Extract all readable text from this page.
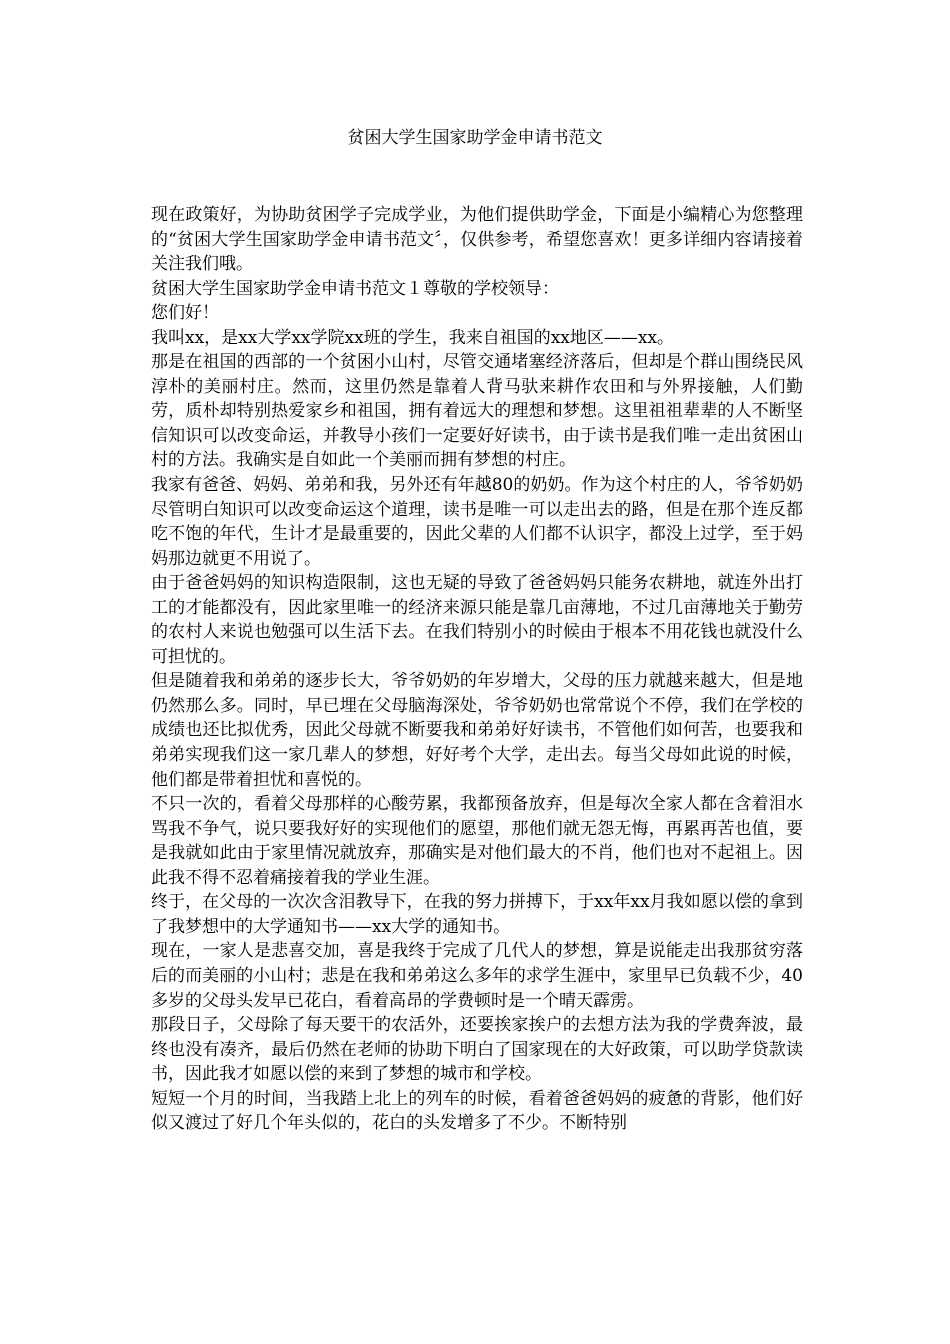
贫困大学生国家助学金申请书范文

现在政策好，为协助贫困学子完成学业，为他们提供助学金，下面是小编精心为您整理的“贫困大学生国家助学金申请书范文〞，仅供参考，希望您喜欢！更多详细内容请接着关注我们哦。

贫困大学生国家助学金申请书范文１尊敬的学校领导：

您们好！

我叫xx，是xx大学xx学院xx班的学生，我来自祖国的xx地区——xx。

那是在祖国的西部的一个贫困小山村，尽管交通堵塞经济落后，但却是个群山围绕民风淳朴的美丽村庄。然而，这里仍然是靠着人背马驮来耕作农田和与外界接触，人们勤劳，质朴却特别热爱家乡和祖国，拥有着远大的理想和梦想。这里祖祖辈辈的人不断坚信知识可以改变命运，并教导小孩们一定要好好读书，由于读书是我们唯一走出贫困山村的方法。我确实是自如此一个美丽而拥有梦想的村庄。

我家有爸爸、妈妈、弟弟和我，另外还有年越80的奶奶。作为这个村庄的人，爷爷奶奶尽管明白知识可以改变命运这个道理，读书是唯一可以走出去的路，但是在那个连反都吃不饱的年代，生计才是最重要的，因此父辈的人们都不认识字，都没上过学，至于妈妈那边就更不用说了。

由于爸爸妈妈的知识构造限制，这也无疑的导致了爸爸妈妈只能务农耕地，就连外出打工的才能都没有，因此家里唯一的经济来源只能是靠几亩薄地，不过几亩薄地关于勤劳的农村人来说也勉强可以生活下去。在我们特别小的时候由于根本不用花钱也就没什么可担忧的。

但是随着我和弟弟的逐步长大，爷爷奶奶的年岁增大，父母的压力就越来越大，但是地仍然那么多。同时，早已埋在父母脑海深处，爷爷奶奶也常常说个不停，我们在学校的成绩也还比拟优秀，因此父母就不断要我和弟弟好好读书，不管他们如何苦，也要我和弟弟实现我们这一家几辈人的梦想，好好考个大学，走出去。每当父母如此说的时候，他们都是带着担忧和喜悦的。

不只一次的，看着父母那样的心酸劳累，我都预备放弃，但是每次全家人都在含着泪水骂我不争气，说只要我好好的实现他们的愿望，那他们就无怨无悔，再累再苦也值，要是我就如此由于家里情况就放弃，那确实是对他们最大的不肖，他们也对不起祖上。因此我不得不忍着痛接着我的学业生涯。

终于，在父母的一次次含泪教导下，在我的努力拼搏下，于xx年xx月我如愿以偿的拿到了我梦想中的大学通知书——xx大学的通知书。

现在，一家人是悲喜交加，喜是我终于完成了几代人的梦想，算是说能走出我那贫穷落后的而美丽的小山村；悲是在我和弟弟这么多年的求学生涯中，家里早已负载不少，40多岁的父母头发早已花白，看着高昂的学费顿时是一个晴天霹雳。

那段日子，父母除了每天要干的农活外，还要挨家挨户的去想方法为我的学费奔波，最终也没有凑齐，最后仍然在老师的协助下明白了国家现在的大好政策，可以助学贷款读书，因此我才如愿以偿的来到了梦想的城市和学校。

短短一个月的时间，当我踏上北上的列车的时候，看着爸爸妈妈的疲惫的背影，他们好似又渡过了好几个年头似的，花白的头发增多了不少。不断特别
